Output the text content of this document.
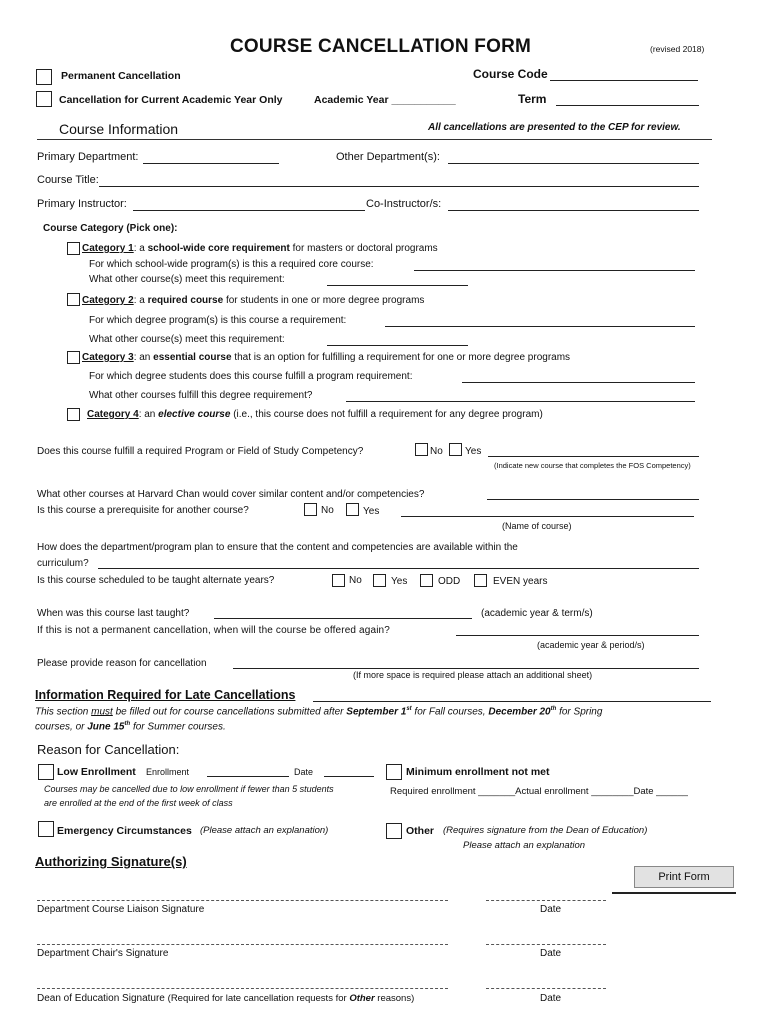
COURSE CANCELLATION FORM	(revised 2018)
Permanent Cancellation	Course Code
Cancellation for Current Academic Year Only	Academic Year ___________	Term
Course Information	All cancellations are presented to the CEP for review.
Primary Department:	Other Department(s):
Course Title:
Primary Instructor:	Co-Instructor/s:
Course Category (Pick one):
Category 1: a school-wide core requirement for masters or doctoral programs
For which school-wide program(s) is this a required core course:
What other course(s) meet this requirement:
Category 2: a required course for students in one or more degree programs
For which degree program(s) is this course a requirement:
What other course(s) meet this requirement:
Category 3: an essential course that is an option for fulfilling a requirement for one or more degree programs
For which degree students does this course fulfill a program requirement:
What other courses fulfill this degree requirement?
Category 4: an elective course (i.e., this course does not fulfill a requirement for any degree program)
Does this course fulfill a required Program or Field of Study Competency?	No Yes
(Indicate new course that completes the FOS Competency)
What other courses at Harvard Chan would cover similar content and/or competencies?
Is this course a prerequisite for another course?	No	Yes
(Name of course)
How does the department/program plan to ensure that the content and competencies are available within the
curriculum?
Is this course scheduled to be taught alternate years?	No	Yes	ODD	EVEN years
When was this course last taught?	(academic year & term/s)
If this is not a permanent cancellation, when will the course be offered again?
(academic year & period/s)
Please provide reason for cancellation
(If more space is required please attach an additional sheet)
Information Required for Late Cancellations
This section must be filled out for course cancellations submitted after September 1st for Fall courses, December 20th for Spring
courses, or June 15th for Summer courses.
Reason for Cancellation:
Low Enrollment Enrollment	Date
Courses may be cancelled due to low enrollment if fewer than 5 students
are enrolled at the end of the first week of class
Minimum enrollment not met
Required enrollment _______Actual enrollment ________Date ______
Emergency Circumstances (Please attach an explanation)	Other (Requires signature from the Dean of Education)
Please attach an explanation
Authorizing Signature(s)
Print Form
Department Course Liaison Signature	Date
Department Chair's Signature	Date
Dean of Education Signature (Required for late cancellation requests for Other reasons)	Date
